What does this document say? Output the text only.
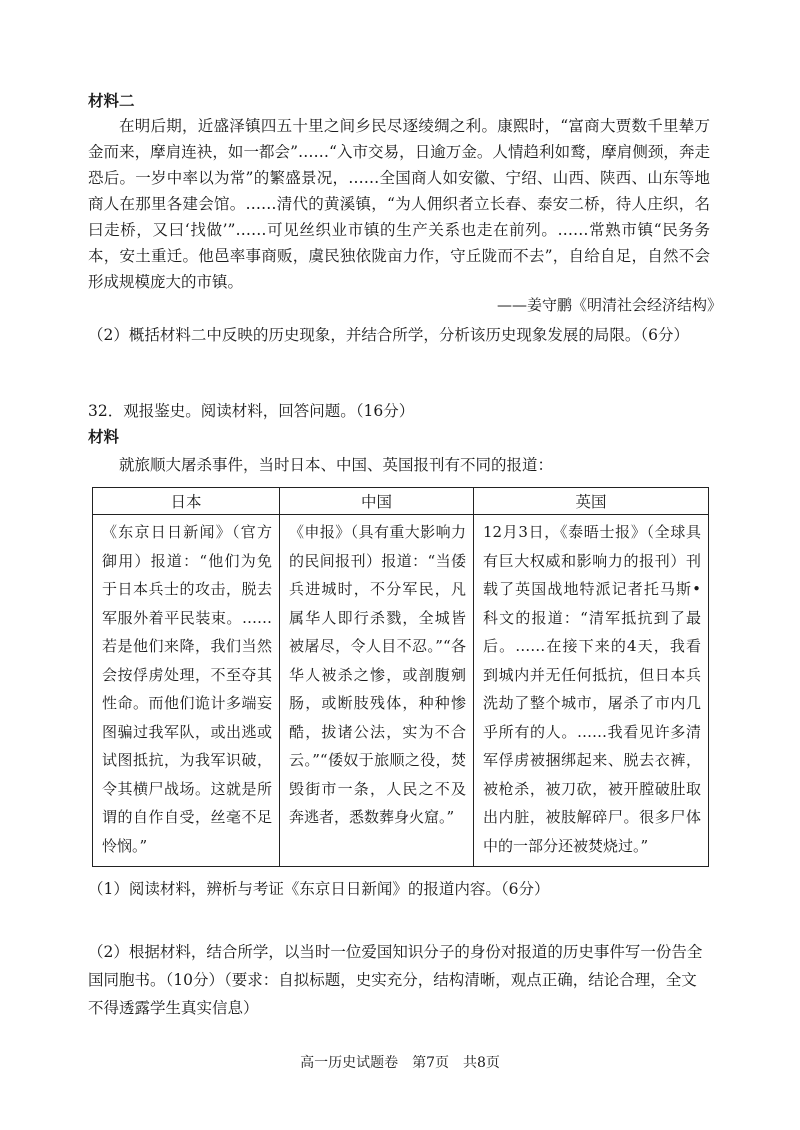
材料二
在明后期，近盛泽镇四五十里之间乡民尽逐绫绸之利。康熙时，“富商大贾数千里辇万金而来，摩肩连袂，如一都会”……“入市交易，日逾万金。人情趋利如鹜，摩肩侧颈，奔走恐后。一岁中率以为常”的繁盛景况，……全国商人如安徽、宁绍、山西、陕西、山东等地商人在那里各建会馆。……清代的黄溪镇，“为人佣织者立长春、泰安二桥，待人庄织，名曰走桥，又曰‘找做’”……可见丝织业市镇的生产关系也走在前列。……常熟市镇“民务务本，安土重迁。他邑率事商贩，虞民独依陇亩力作，守丘陇而不去”，自给自足，自然不会形成规模庞大的市镇。
——姜守鹏《明清社会经济结构》
（2）概括材料二中反映的历史现象，并结合所学，分析该历史现象发展的局限。（6分）
32．观报鉴史。阅读材料，回答问题。（16分）
材料
就旅顺大屠杀事件，当时日本、中国、英国报刊有不同的报道：
日本	中国	英国
《东京日日新闻》（官方御用）报道：“他们为免于日本兵士的攻击，脱去军服外着平民装束。……若是他们来降，我们当然会按俘虏处理，不至夺其性命。而他们诡计多端妄图骗过我军队，或出逃或试图抵抗，为我军识破，令其横尸战场。这就是所谓的自作自受，丝毫不足怜悯。”	《申报》（具有重大影响力的民间报刊）报道：“当倭兵进城时，不分军民，凡属华人即行杀戮，全城皆被屠尽，令人目不忍。”“各华人被杀之惨，或剖腹剜肠，或断肢残体，种种惨酷，拔诸公法，实为不合云。”“倭奴于旅顺之役，焚毁街市一条，人民之不及奔逃者，悉数葬身火窟。”	12月3日，《泰晤士报》（全球具有巨大权威和影响力的报刊）刊载了英国战地特派记者托马斯•科文的报道：“清军抵抗到了最后。……在接下来的4天，我看到城内并无任何抵抗，但日本兵洗劫了整个城市，屠杀了市内几乎所有的人。……我看见许多清军俘虏被捆绑起来、脱去衣裤，被枪杀，被刀砍，被开膛破肚取出内脏，被肢解碎尸。很多尸体中的一部分还被焚烧过。”
（1）阅读材料，辨析与考证《东京日日新闻》的报道内容。（6分）
（2）根据材料，结合所学，以当时一位爱国知识分子的身份对报道的历史事件写一份告全国同胞书。（10分）（要求：自拟标题，史实充分，结构清晰，观点正确，结论合理，全文不得透露学生真实信息）
高一历史试题卷　第7页　共8页
